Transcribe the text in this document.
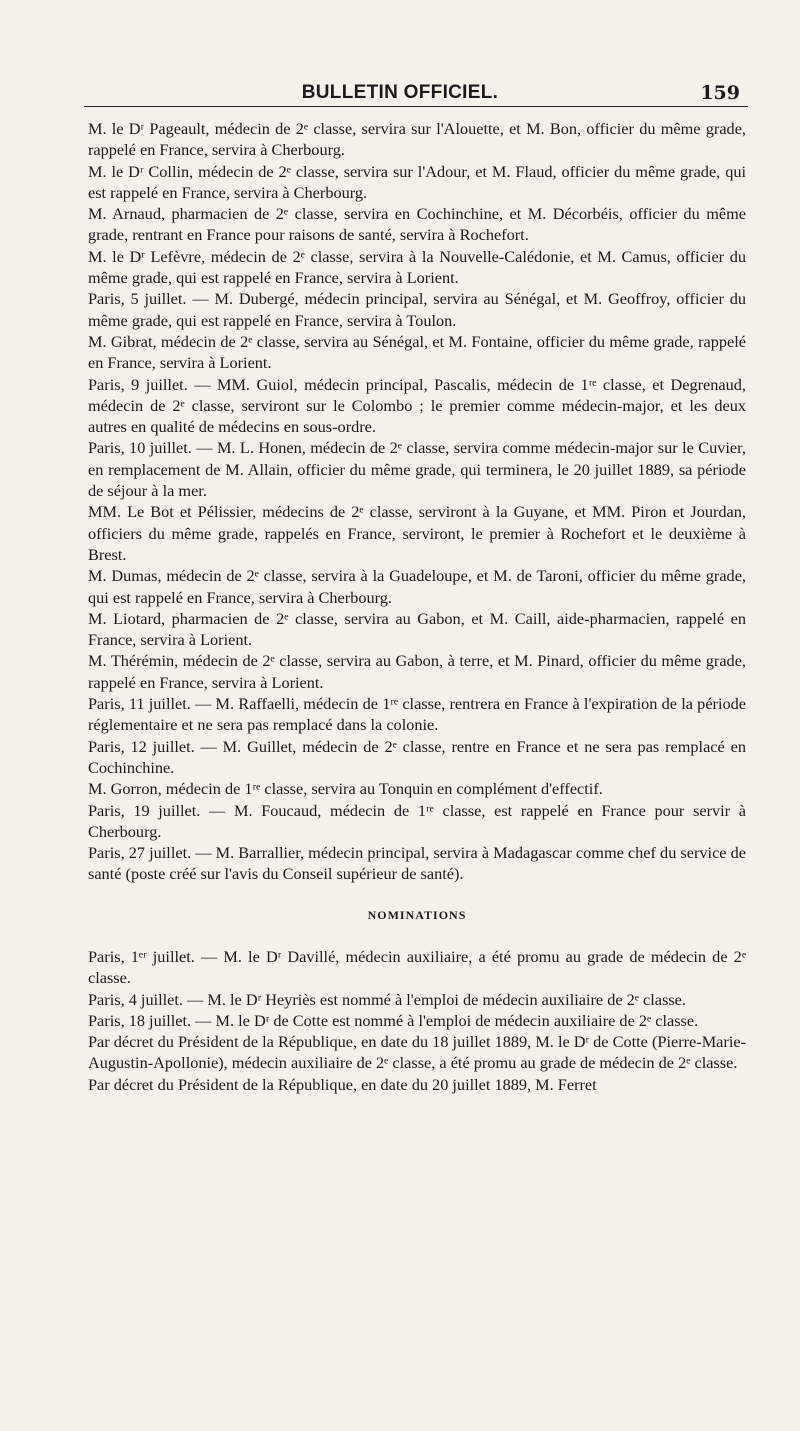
BULLETIN OFFICIEL.	159

M. le Dʳ Pageault, médecin de 2ᵉ classe, servira sur l'Alouette, et M. Bon, officier du même grade, rappelé en France, servira à Cherbourg.

M. le Dʳ Collin, médecin de 2ᵉ classe, servira sur l'Adour, et M. Flaud, officier du même grade, qui est rappelé en France, servira à Cherbourg.

M. Arnaud, pharmacien de 2ᵉ classe, servira en Cochinchine, et M. Décorbéis, officier du même grade, rentrant en France pour raisons de santé, servira à Rochefort.

M. le Dʳ Lefèvre, médecin de 2ᵉ classe, servira à la Nouvelle-Calédonie, et M. Camus, officier du même grade, qui est rappelé en France, servira à Lorient.

Paris, 5 juillet. — M. Dubergé, médecin principal, servira au Sénégal, et M. Geoffroy, officier du même grade, qui est rappelé en France, servira à Toulon.

M. Gibrat, médecin de 2ᵉ classe, servira au Sénégal, et M. Fontaine, officier du même grade, rappelé en France, servira à Lorient.

Paris, 9 juillet. — MM. Guiol, médecin principal, Pascalis, médecin de 1ʳᵉ classe, et Degrenaud, médecin de 2ᵉ classe, serviront sur le Colombo ; le premier comme médecin-major, et les deux autres en qualité de médecins en sous-ordre.

Paris, 10 juillet. — M. L. Honen, médecin de 2ᵉ classe, servira comme médecin-major sur le Cuvier, en remplacement de M. Allain, officier du même grade, qui terminera, le 20 juillet 1889, sa période de séjour à la mer.

MM. Le Bot et Pélissier, médecins de 2ᵉ classe, serviront à la Guyane, et MM. Piron et Jourdan, officiers du même grade, rappelés en France, serviront, le premier à Rochefort et le deuxième à Brest.

M. Dumas, médecin de 2ᵉ classe, servira à la Guadeloupe, et M. de Taroni, officier du même grade, qui est rappelé en France, servira à Cherbourg.

M. Liotard, pharmacien de 2ᵉ classe, servira au Gabon, et M. Caill, aide-pharmacien, rappelé en France, servira à Lorient.

M. Thérémin, médecin de 2ᵉ classe, servira au Gabon, à terre, et M. Pinard, officier du même grade, rappelé en France, servira à Lorient.

Paris, 11 juillet. — M. Raffaelli, médecin de 1ʳᵉ classe, rentrera en France à l'expiration de la période réglementaire et ne sera pas remplacé dans la colonie.

Paris, 12 juillet. — M. Guillet, médecin de 2ᵉ classe, rentre en France et ne sera pas remplacé en Cochinchine.

M. Gorron, médecin de 1ʳᵉ classe, servira au Tonquin en complément d'effectif.

Paris, 19 juillet. — M. Foucaud, médecin de 1ʳᵉ classe, est rappelé en France pour servir à Cherbourg.

Paris, 27 juillet. — M. Barrallier, médecin principal, servira à Madagascar comme chef du service de santé (poste créé sur l'avis du Conseil supérieur de santé).

NOMINATIONS

Paris, 1ᵉʳ juillet. — M. le Dʳ Davillé, médecin auxiliaire, a été promu au grade de médecin de 2ᵉ classe.

Paris, 4 juillet. — M. le Dʳ Heyriès est nommé à l'emploi de médecin auxiliaire de 2ᵉ classe.

Paris, 18 juillet. — M. le Dʳ de Cotte est nommé à l'emploi de médecin auxiliaire de 2ᵉ classe.

Par décret du Président de la République, en date du 18 juillet 1889, M. le Dʳ de Cotte (Pierre-Marie-Augustin-Apollonie), médecin auxiliaire de 2ᵉ classe, a été promu au grade de médecin de 2ᵉ classe.

Par décret du Président de la République, en date du 20 juillet 1889, M. Ferret
